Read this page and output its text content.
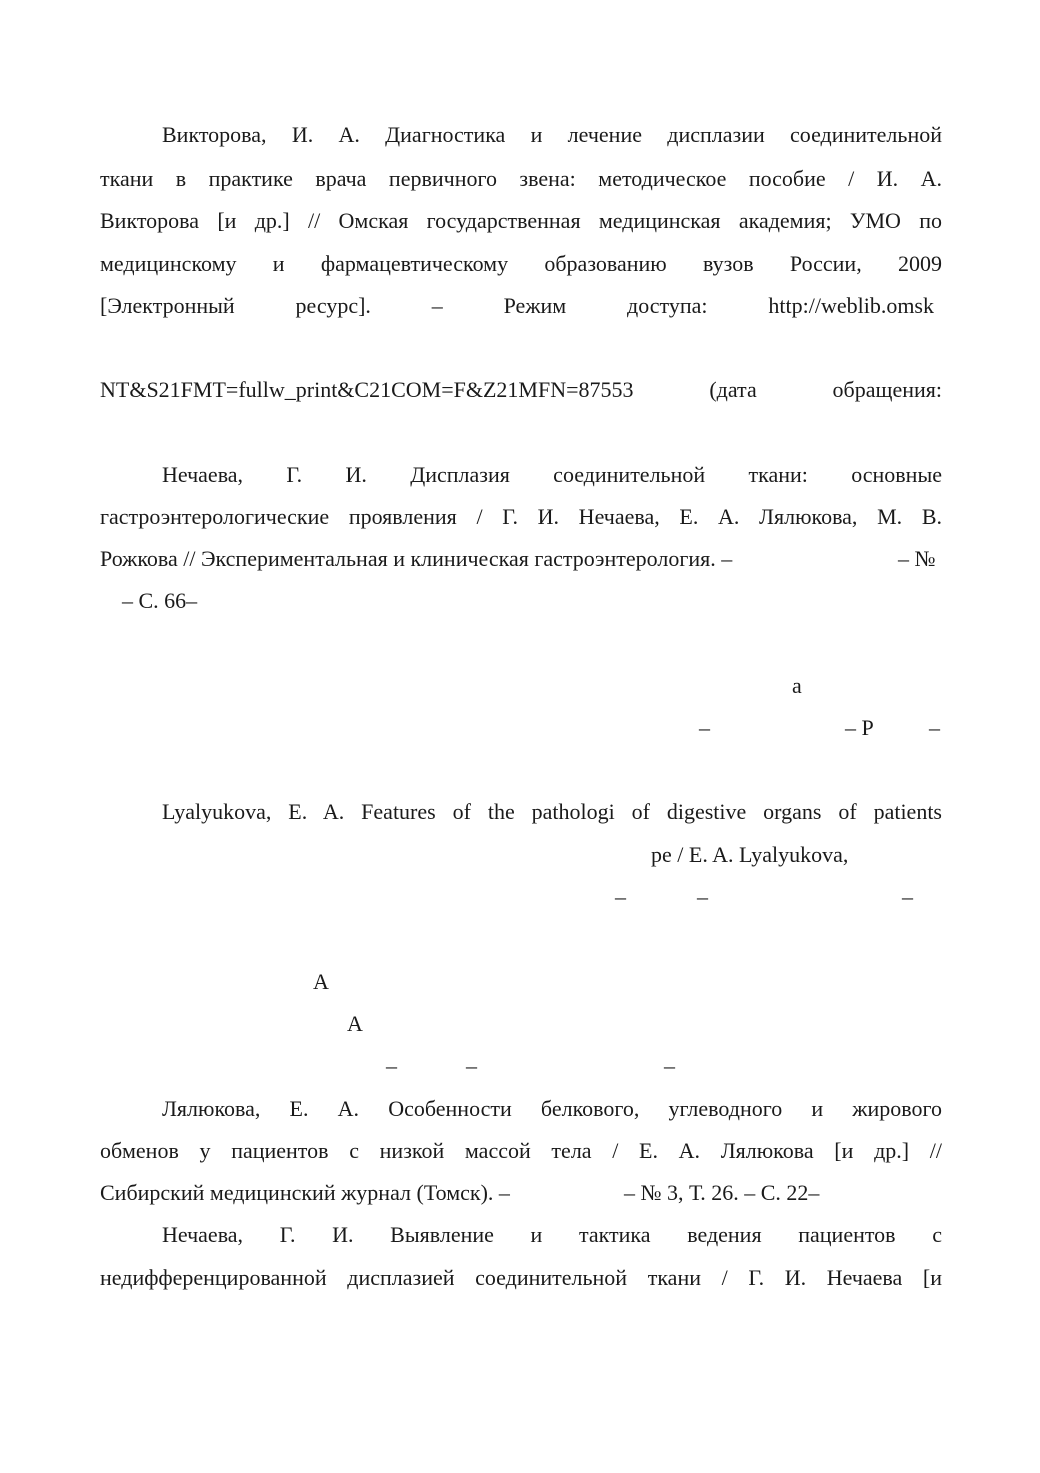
Викторова, И. А. Диагностика и лечение дисплазии соединительной
ткани в практике врача первичного звена: методическое пособие / И. А.
Викторова [и др.] // Омская государственная медицинская академия; УМО по
медицинскому и фармацевтическому образованию вузов России, 2009
[Электронный ресурс]. – Режим доступа: http://weblib.omsk
NT&S21FMT=fullw_print&C21COM=F&Z21MFN=87553 (дата обращения:
Нечаева, Г. И. Дисплазия соединительной ткани: основные
гастроэнтерологические проявления / Г. И. Нечаева, Е. А. Лялюкова, М. В.
Рожкова // Экспериментальная и клиническая гастроэнтерология. –	– №
– С. 66–
а
–	– Р	–
Lyalyukova, E. A. Features of the pathologi of digestive organs of patients
pe / E. A. Lyalyukova,
–	–	–
А
А
–	–	–
Лялюкова, Е. А. Особенности белкового, углеводного и жирового
обменов у пациентов с низкой массой тела / Е. А. Лялюкова [и др.] //
Сибирский медицинский журнал (Томск). –	– № 3, Т. 26. – С. 22–
Нечаева, Г. И. Выявление и тактика ведения пациентов с
недифференцированной дисплазией соединительной ткани / Г. И. Нечаева [и
